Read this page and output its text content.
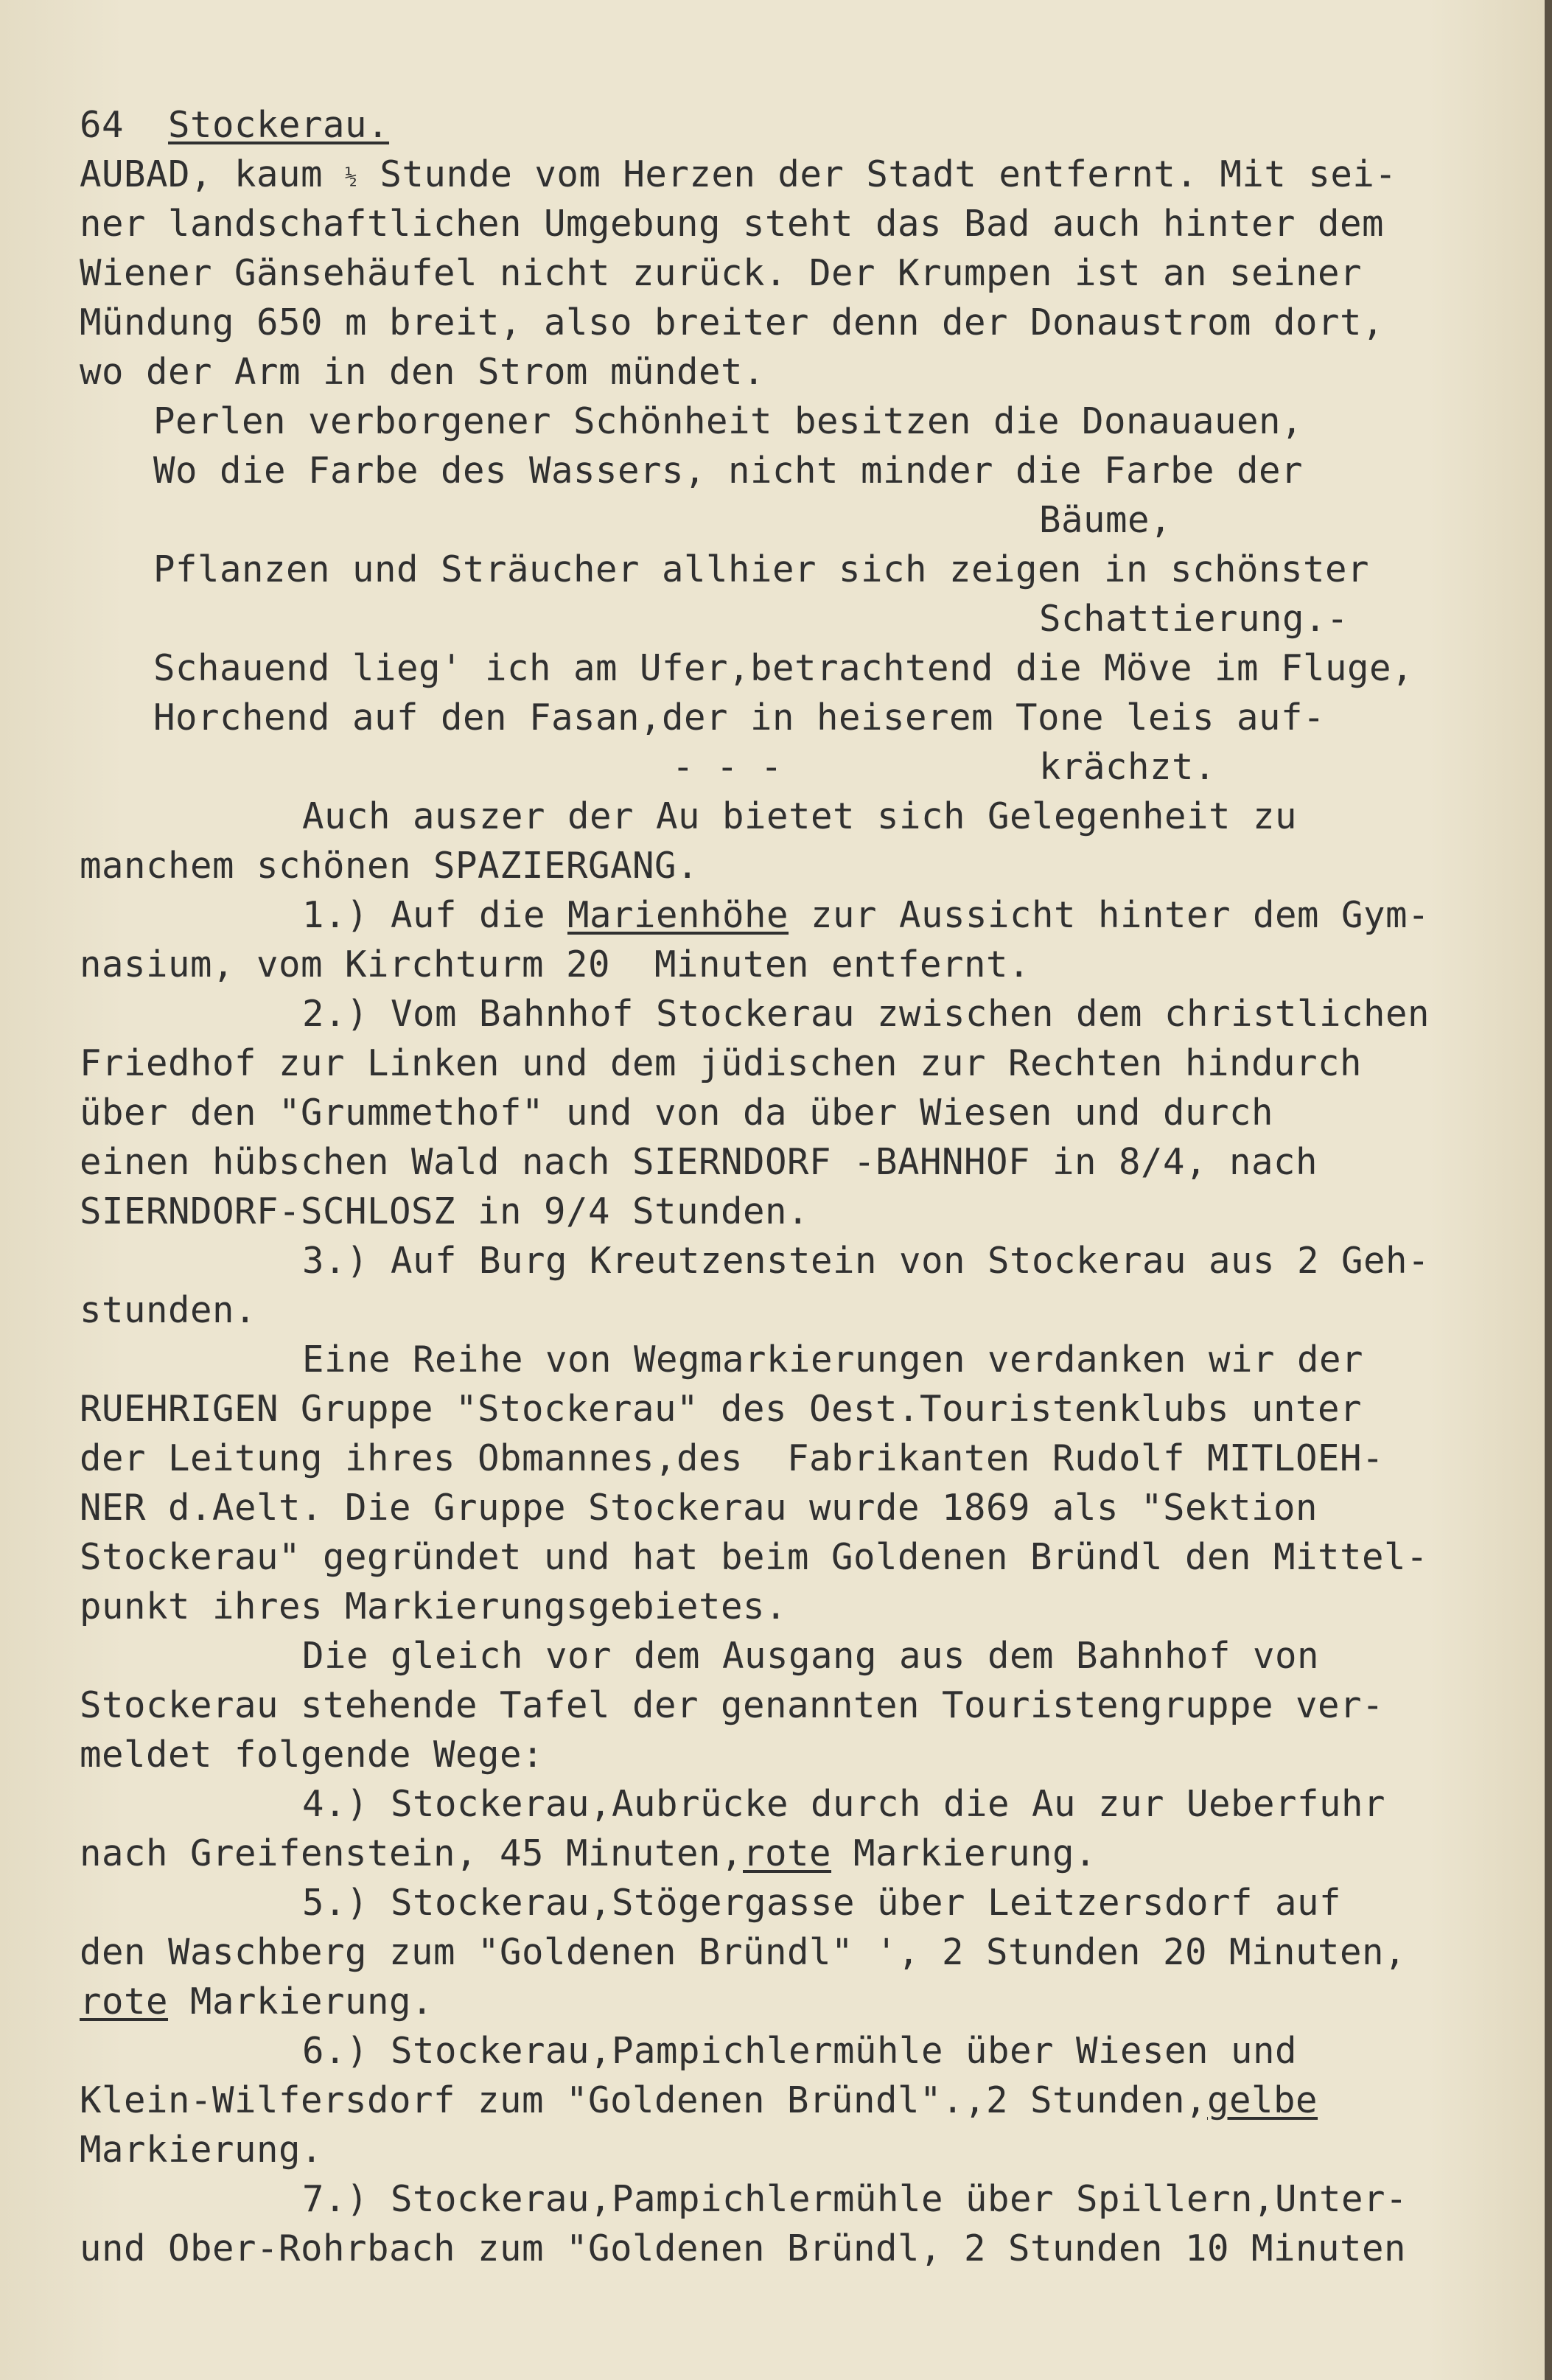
64 Stockerau.
AUBAD, kaum ½ Stunde vom Herzen der Stadt entfernt. Mit sei-
ner landschaftlichen Umgebung steht das Bad auch hinter dem
Wiener Gänsehäufel nicht zurück. Der Krumpen ist an seiner
Mündung 650 m breit, also breiter denn der Donaustrom dort,
wo der Arm in den Strom mündet.
Perlen verborgener Schönheit besitzen die Donauauen,
Wo die Farbe des Wassers, nicht minder die Farbe der
Bäume,
Pflanzen und Sträucher allhier sich zeigen in schönster
Schattierung.-
Schauend lieg' ich am Ufer,betrachtend die Möve im Fluge,
Horchend auf den Fasan,der in heiserem Tone leis auf-
- - -	krächzt.
Auch auszer der Au bietet sich Gelegenheit zu
manchem schönen SPAZIERGANG.
1.) Auf die Marienhöhe zur Aussicht hinter dem Gym-
nasium, vom Kirchturm 20  Minuten entfernt.
2.) Vom Bahnhof Stockerau zwischen dem christlichen
Friedhof zur Linken und dem jüdischen zur Rechten hindurch
über den "Grummethof" und von da über Wiesen und durch
einen hübschen Wald nach SIERNDORF -BAHNHOF in 8/4, nach
SIERNDORF-SCHLOSZ in 9/4 Stunden.
3.) Auf Burg Kreutzenstein von Stockerau aus 2 Geh-
stunden.
Eine Reihe von Wegmarkierungen verdanken wir der
RUEHRIGEN Gruppe "Stockerau" des Oest.Touristenklubs unter
der Leitung ihres Obmannes,des  Fabrikanten Rudolf MITLOEH-
NER d.Aelt. Die Gruppe Stockerau wurde 1869 als "Sektion
Stockerau" gegründet und hat beim Goldenen Bründl den Mittel-
punkt ihres Markierungsgebietes.
Die gleich vor dem Ausgang aus dem Bahnhof von
Stockerau stehende Tafel der genannten Touristengruppe ver-
meldet folgende Wege:
4.) Stockerau,Aubrücke durch die Au zur Ueberfuhr
nach Greifenstein, 45 Minuten,rote Markierung.
5.) Stockerau,Stögergasse über Leitzersdorf auf
den Waschberg zum "Goldenen Bründl" ', 2 Stunden 20 Minuten,
rote Markierung.
6.) Stockerau,Pampichlermühle über Wiesen und
Klein-Wilfersdorf zum "Goldenen Bründl".,2 Stunden,gelbe
Markierung.
7.) Stockerau,Pampichlermühle über Spillern,Unter-
und Ober-Rohrbach zum "Goldenen Bründl, 2 Stunden 10 Minuten
